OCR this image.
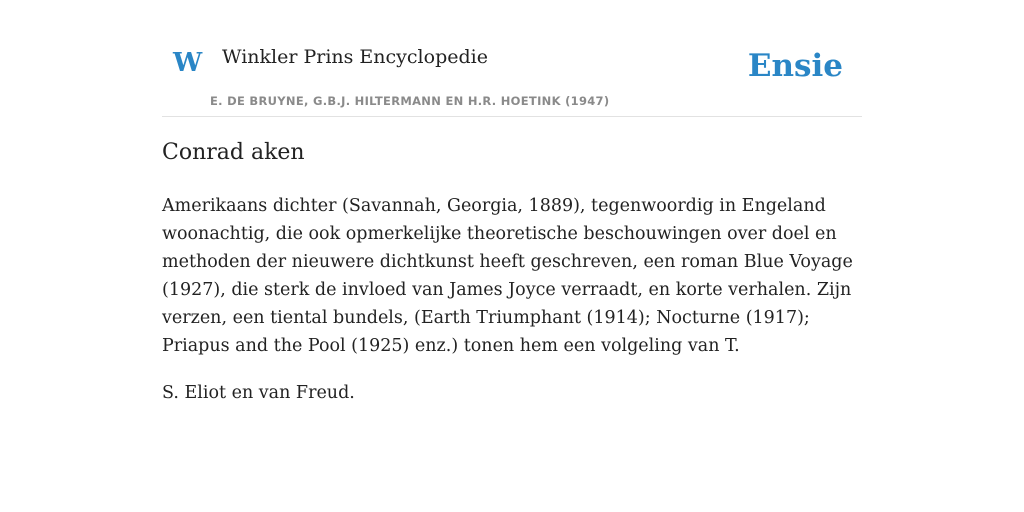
W Winkler Prins Encyclopedie
E. DE BRUYNE, G.B.J. HILTERMANN EN H.R. HOETINK (1947)
Ensie
Conrad aken

Amerikaans dichter (Savannah, Georgia, 1889), tegenwoordig in Engeland woonachtig, die ook opmerkelijke theoretische beschouwingen over doel en methoden der nieuwere dichtkunst heeft geschreven, een roman Blue Voyage (1927), die sterk de invloed van James Joyce verraadt, en korte verhalen. Zijn verzen, een tiental bundels, (Earth Triumphant (1914); Nocturne (1917); Priapus and the Pool (1925) enz.) tonen hem een volgeling van T.

S. Eliot en van Freud.
